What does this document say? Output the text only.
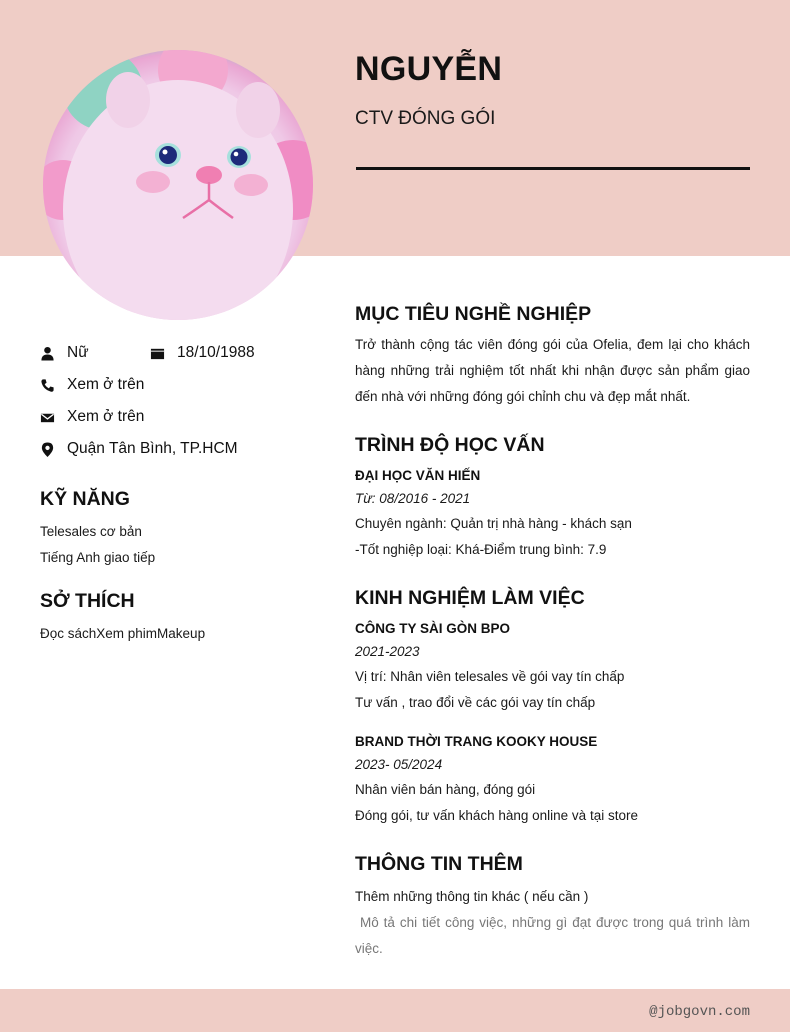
NGUYỄN
CTV ĐÓNG GÓI
Nữ	18/10/1988
Xem ở trên
Xem ở trên
Quận Tân Bình, TP.HCM
KỸ NĂNG
Telesales cơ bản
Tiếng Anh giao tiếp
SỞ THÍCH
Đọc sáchXem phimMakeup
MỤC TIÊU NGHỀ NGHIỆP
Trở thành cộng tác viên đóng gói của Ofelia, đem lại cho khách hàng những trải nghiệm tốt nhất khi nhận được sản phẩm giao đến nhà với những đóng gói chỉnh chu và đẹp mắt nhất.
TRÌNH ĐỘ HỌC VẤN
ĐẠI HỌC VĂN HIẾN
Từ: 08/2016 - 2021
Chuyên ngành: Quản trị nhà hàng - khách sạn
-Tốt nghiệp loại: Khá-Điểm trung bình: 7.9
KINH NGHIỆM LÀM VIỆC
CÔNG TY SÀI GÒN BPO
2021-2023
Vị trí: Nhân viên telesales về gói vay tín chấp
Tư vấn , trao đổi về các gói vay tín chấp
BRAND THỜI TRANG KOOKY HOUSE
2023- 05/2024
Nhân viên bán hàng, đóng gói
Đóng gói, tư vấn khách hàng online và tại store
THÔNG TIN THÊM
Thêm những thông tin khác ( nếu cần )
Mô tả chi tiết công việc, những gì đạt được trong quá trình làm việc.
@jobgovn.com
